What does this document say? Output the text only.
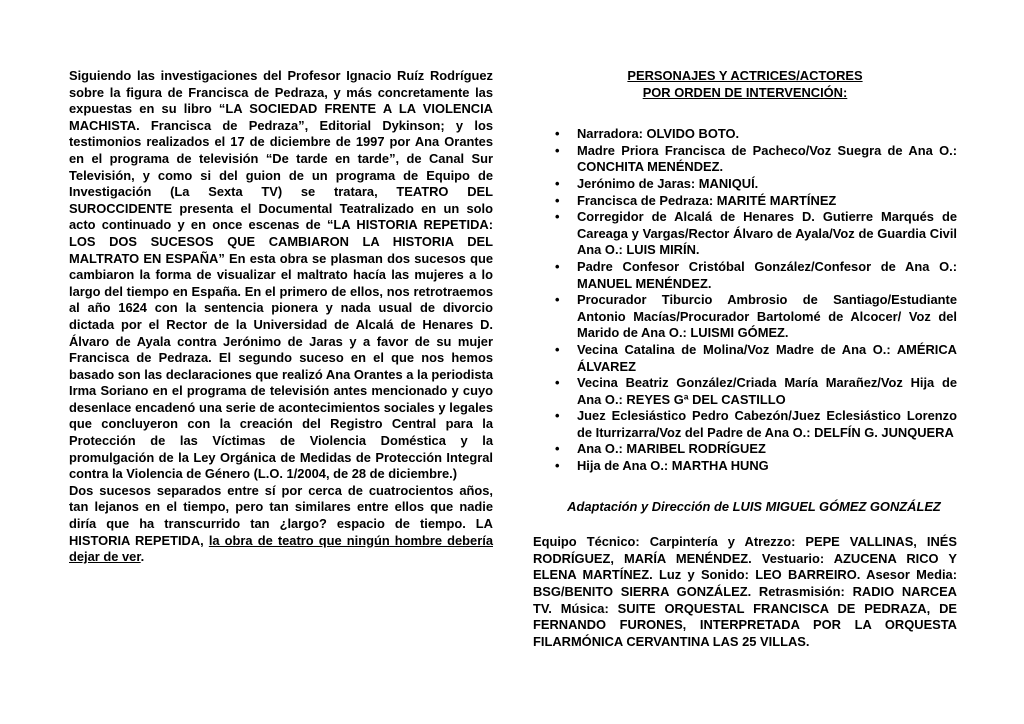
Siguiendo las investigaciones del Profesor Ignacio Ruíz Rodríguez sobre la figura de Francisca de Pedraza, y más concretamente las expuestas en su libro “LA SOCIEDAD FRENTE A LA VIOLENCIA MACHISTA. Francisca de Pedraza”, Editorial Dykinson; y los testimonios realizados el 17 de diciembre de 1997 por Ana Orantes en el programa de televisión “De tarde en tarde”, de Canal Sur Televisión, y como si del guion de un programa de Equipo de Investigación (La Sexta TV) se tratara, TEATRO DEL SUROCCIDENTE presenta el Documental Teatralizado en un solo acto continuado y en once escenas de “LA HISTORIA REPETIDA: LOS DOS SUCESOS QUE CAMBIARON LA HISTORIA DEL MALTRATO EN ESPAÑA” En esta obra se plasman dos sucesos que cambiaron la forma de visualizar el maltrato hacía las mujeres a lo largo del tiempo en España. En el primero de ellos, nos retrotraemos al año 1624 con la sentencia pionera y nada usual de divorcio dictada por el Rector de la Universidad de Alcalá de Henares D. Álvaro de Ayala contra Jerónimo de Jaras y a favor de su mujer Francisca de Pedraza. El segundo suceso en el que nos hemos basado son las declaraciones que realizó Ana Orantes a la periodista Irma Soriano en el programa de televisión antes mencionado y cuyo desenlace encadenó una serie de acontecimientos sociales y legales que concluyeron con la creación del Registro Central para la Protección de las Víctimas de Violencia Doméstica y la promulgación de la Ley Orgánica de Medidas de Protección Integral contra la Violencia de Género (L.O. 1/2004, de 28 de diciembre.)

Dos sucesos separados entre sí por cerca de cuatrocientos años, tan lejanos en el tiempo, pero tan similares entre ellos que nadie diría que ha transcurrido tan ¿largo? espacio de tiempo. LA HISTORIA REPETIDA, la obra de teatro que ningún hombre debería dejar de ver.

PERSONAJES Y ACTRICES/ACTORES
POR ORDEN DE INTERVENCIÓN:

• Narradora: OLVIDO BOTO.
• Madre Priora Francisca de Pacheco/Voz Suegra de Ana O.: CONCHITA MENÉNDEZ.
• Jerónimo de Jaras: MANIQUÍ.
• Francisca de Pedraza: MARITÉ MARTÍNEZ
• Corregidor de Alcalá de Henares D. Gutierre Marqués de Careaga y Vargas/Rector Álvaro de Ayala/Voz de Guardia Civil Ana O.: LUIS MIRÍN.
• Padre Confesor Cristóbal González/Confesor de Ana O.: MANUEL MENÉNDEZ.
• Procurador Tiburcio Ambrosio de Santiago/Estudiante Antonio Macías/Procurador Bartolomé de Alcocer/ Voz del Marido de Ana O.: LUISMI GÓMEZ.
• Vecina Catalina de Molina/Voz Madre de Ana O.: AMÉRICA ÁLVAREZ
• Vecina Beatriz González/Criada María Marañez/Voz Hija de Ana O.: REYES Gª DEL CASTILLO
• Juez Eclesiástico Pedro Cabezón/Juez Eclesiástico Lorenzo de Iturrizarra/Voz del Padre de Ana O.: DELFÍN G. JUNQUERA
• Ana O.: MARIBEL RODRÍGUEZ
• Hija de Ana O.: MARTHA HUNG

Adaptación y Dirección de LUIS MIGUEL GÓMEZ GONZÁLEZ

Equipo Técnico: Carpintería y Atrezzo: PEPE VALLINAS, INÉS RODRÍGUEZ, MARÍA MENÉNDEZ. Vestuario: AZUCENA RICO Y ELENA MARTÍNEZ. Luz y Sonido: LEO BARREIRO. Asesor Media: BSG/BENITO SIERRA GONZÁLEZ. Retrasmisión: RADIO NARCEA TV. Música: SUITE ORQUESTAL FRANCISCA DE PEDRAZA, DE FERNANDO FURONES, INTERPRETADA POR LA ORQUESTA FILARMÓNICA CERVANTINA LAS 25 VILLAS.
